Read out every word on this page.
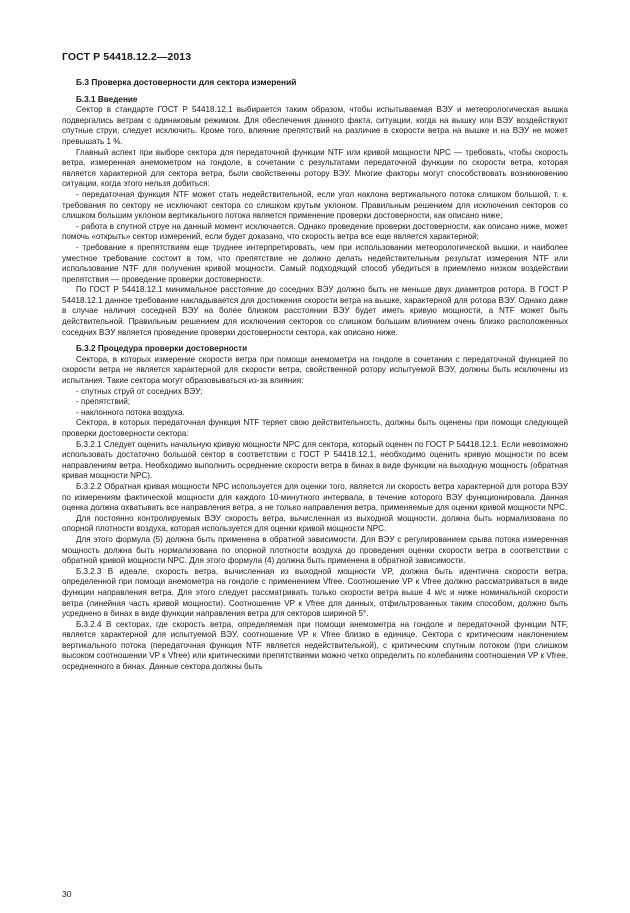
ГОСТ Р 54418.12.2—2013
Б.3 Проверка достоверности для сектора измерений
Б.3.1 Введение

Сектор в стандарте ГОСТ Р 54418.12.1 выбирается таким образом, чтобы испытываемая ВЭУ и метеорологическая вышка подвергались ветрам с одинаковым режимом. Для обеспечения данного факта, ситуации, когда на вышку или ВЭУ воздействуют спутные струи, следует исключить. Кроме того, влияние препятствий на различие в скорости ветра на вышке и на ВЭУ не может превышать 1 %.

Главный аспект при выборе сектора для передаточной функции NTF или кривой мощности NPC — требовать, чтобы скорость ветра, измеренная анемометром на гондоле, в сочетании с результатами передаточной функции по скорости ветра, которая является характерной для сектора ветра, были свойственны ротору ВЭУ. Многие факторы могут способствовать возникновению ситуации, когда этого нельзя добиться:

- передаточная функция NTF может стать недействительной, если угол наклона вертикального потока слишком большой, т. к. требования по сектору не исключают сектора со слишком крутым уклоном. Правильным решением для исключения секторов со слишком большим уклоном вертикального потока является применение проверки достоверности, как описано ниже;

- работа в спутной струе на данный момент исключается. Однако проведение проверки достоверности, как описано ниже, может помочь «открыть» сектор измерений, если будет доказано, что скорость ветра все еще является характерной;

- требование к препятствиям еще труднее интерпретировать, чем при использовании метеорологической вышки, и наиболее уместное требование состоит в том, что препятствие не должно делать недействительным результат измерения NTF или использование NTF для получения кривой мощности. Самый подходящий способ убедиться в приемлемо низком воздействии препятствия — проведение проверки достоверности.

По ГОСТ Р 54418.12.1 минимальное расстояние до соседних ВЭУ должно быть не меньше двух диаметров ротора. В ГОСТ Р 54418.12.1 данное требование накладывается для достижения скорости ветра на вышке, характерной для ротора ВЭУ. Однако даже в случае наличия соседней ВЭУ на более близком расстоянии ВЭУ будет иметь кривую мощности, а NTF может быть действительной. Правильным решением для исключения секторов со слишком большим влиянием очень близко расположенных соседних ВЭУ является проведение проверки достоверности сектора, как описано ниже.

Б.3.2 Процедура проверки достоверности

Сектора, в которых измерение скорости ветра при помощи анемометра на гондоле в сочетании с передаточной функцией по скорости ветра не является характерной для скорости ветра, свойственной ротору испытуемой ВЭУ, должны быть исключены из испытания. Такие сектора могут образовываться из-за влияния:

- спутных струй от соседних ВЭУ;

- препятствий;

- наклонного потока воздуха.

Сектора, в которых передаточная функция NTF теряет свою действительность, должны быть оценены при помощи следующей проверки достоверности сектора:

Б.3.2.1 Следует оценить начальную кривую мощности NPC для сектора, который оценен по ГОСТ Р 54418.12.1. Если невозможно использовать достаточно большой сектор в соответствии с ГОСТ Р 54418.12.1, необходимо оценить кривую мощности по всем направлениям ветра. Необходимо выполнить осреднение скорости ветра в бинах в виде функции на выходную мощность (обратная кривая мощности NPC).

Б.3.2.2 Обратная кривая мощности NPC используется для оценки того, является ли скорость ветра характерной для ротора ВЭУ по измерениям фактической мощности для каждого 10-минутного интервала, в течение которого ВЭУ функционировала. Данная оценка должна охватывать все направления ветра, а не только направления ветра, применяемые для оценки кривой мощности NPC.

Для постоянно контролируемых ВЭУ скорость ветра, вычисленная из выходной мощности, должна быть нормализована по опорной плотности воздуха, которая используется для оценки кривой мощности NPC.

Для этого формула (5) должна быть применена в обратной зависимости. Для ВЭУ с регулированием срыва потока измеренная мощность должна быть нормализована по опорной плотности воздуха до проведения оценки скорости ветра в соответствии с обратной кривой мощности NPC. Для этого формула (4) должна быть применена в обратной зависимости.

Б.3.2.3 В идеале, скорость ветра, вычисленная из выходной мощности VP, должна быть идентична скорости ветра, определенной при помощи анемометра на гондоле с применением Vfree. Соотношение VP к Vfree должно рассматриваться в виде функции направления ветра. Для этого следует рассматривать только скорости ветра выше 4 м/с и ниже номинальной скорости ветра (линейная часть кривой мощности). Соотношение VP к Vfree для данных, отфильтрованных таким способом, должно быть усреднено в бинах в виде функции направления ветра для секторов шириной 5°.

Б.3.2.4 В секторах, где скорость ветра, определяемая при помощи анемометра на гондоле и передаточной функции NTF, является характерной для испытуемой ВЭУ, соотношение VP к Vfree близко в единице. Сектора с критическим наклонением вертикального потока (передаточная функция NTF является недействительной), с критическим спутным потоком (при слишком высоком соотношении VP к Vfree) или критическими препятствиями можно четко определить по колебаниям соотношения VP к Vfree, осредненного в бинах. Данные сектора должны быть

30
